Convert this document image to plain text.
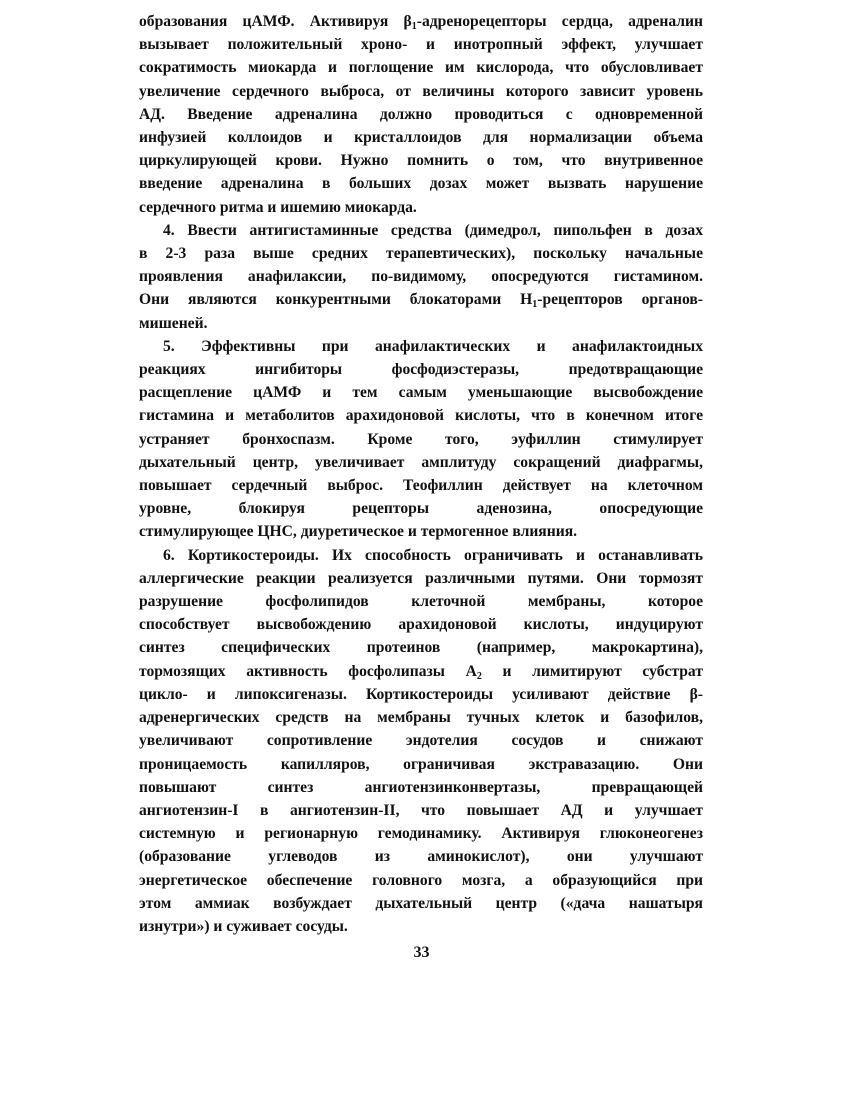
образования цАМФ. Активируя $\beta_1$-адренорецепторы сердца, адреналин
вызывает положительный хроно- и инотропный эффект, улучшает
сократимость миокарда и поглощение им кислорода, что обусловливает
увеличение сердечного выброса, от величины которого зависит уровень
АД. Введение адреналина должно проводиться с одновременной
инфузией коллоидов и кристаллоидов для нормализации объема
циркулирующей крови. Нужно помнить о том, что внутривенное
введение адреналина в больших дозах может вызвать нарушение
сердечного ритма и ишемию миокарда.

4. Ввести антигистаминные средства (димедрол, пипольфен в дозах
в 2-3 раза выше средних терапевтических), поскольку начальные
проявления анафилаксии, по-видимому, опосредуются гистамином.
Они являются конкурентными блокаторами $H_1$-рецепторов органов-
мишеней.

5. Эффективны при анафилактических и анафилактоидных
реакциях ингибиторы фосфодиэстеразы, предотвращающие
расщепление цАМФ и тем самым уменьшающие высвобождение
гистамина и метаболитов арахидоновой кислоты, что в конечном итоге
устраняет бронхоспазм. Кроме того, эуфиллин стимулирует
дыхательный центр, увеличивает амплитуду сокращений диафрагмы,
повышает сердечный выброс. Теофиллин действует на клеточном
уровне, блокируя рецепторы аденозина, опосредующие
стимулирующее ЦНС, диуретическое и термогенное влияния.

6. Кортикостероиды. Их способность ограничивать и останавливать
аллергические реакции реализуется различными путями. Они тормозят
разрушение фосфолипидов клеточной мембраны, которое
способствует высвобождению арахидоновой кислоты, индуцируют
синтез специфических протеинов (например, макрокартина),
тормозящих активность фосфолипазы $A_2$ и лимитируют субстрат
цикло- и липоксигеназы. Кортикостероиды усиливают действие β-
адренергических средств на мембраны тучных клеток и базофилов,
увеличивают сопротивление эндотелия сосудов и снижают
проницаемость капилляров, ограничивая экстравазацию. Они
повышают синтез ангиотензинконвертазы, превращающей
ангиотензин-I в ангиотензин-II, что повышает АД и улучшает
системную и регионарную гемодинамику. Активируя глюконеогенез
(образование углеводов из аминокислот), они улучшают
энергетическое обеспечение головного мозга, а образующийся при
этом аммиак возбуждает дыхательный центр («дача нашатыря
изнутри») и суживает сосуды.

33
